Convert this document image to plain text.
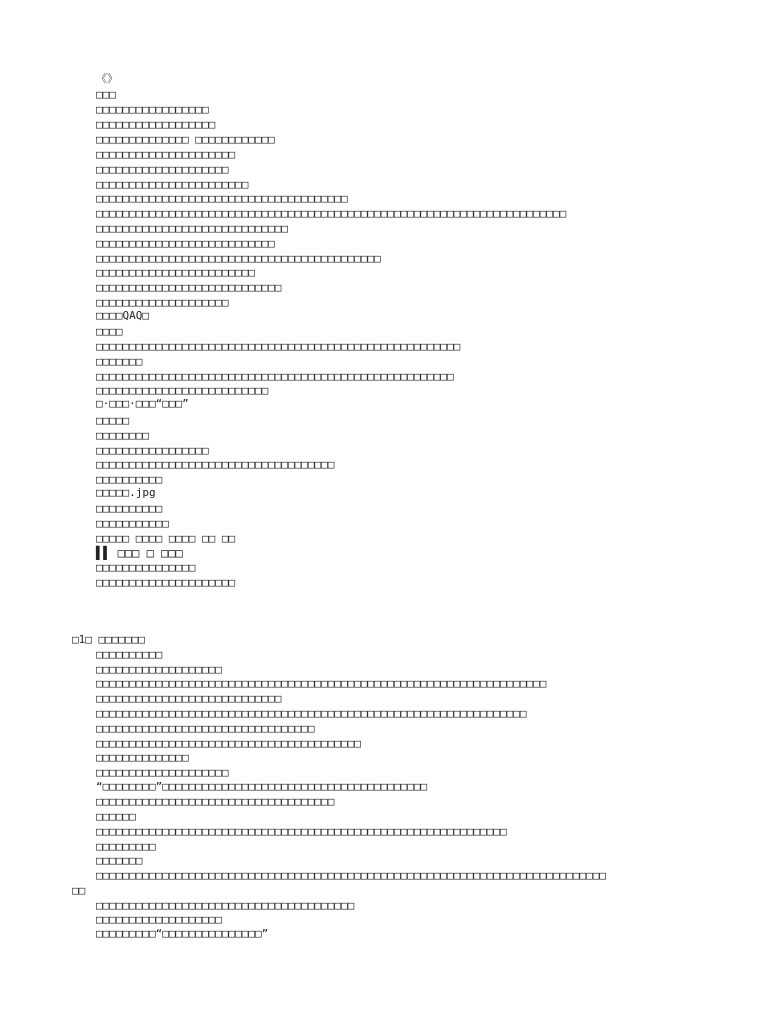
《》
□□□
□□□□□□□□□□□□□□□□□
□□□□□□□□□□□□□□□□□□
□□□□□□□□□□□□□□ □□□□□□□□□□□□
□□□□□□□□□□□□□□□□□□□□□
□□□□□□□□□□□□□□□□□□□□
□□□□□□□□□□□□□□□□□□□□□□□
□□□□□□□□□□□□□□□□□□□□□□□□□□□□□□□□□□□□□□
□□□□□□□□□□□□□□□□□□□□□□□□□□□□□□□□□□□□□□□□□□□□□□□□□□□□□□□□□□□□□□□□□□□□□□□
□□□□□□□□□□□□□□□□□□□□□□□□□□□□□
□□□□□□□□□□□□□□□□□□□□□□□□□□□
□□□□□□□□□□□□□□□□□□□□□□□□□□□□□□□□□□□□□□□□□□□
□□□□□□□□□□□□□□□□□□□□□□□□
□□□□□□□□□□□□□□□□□□□□□□□□□□□□
□□□□□□□□□□□□□□□□□□□□
□□□□QAQ□
□□□□
□□□□□□□□□□□□□□□□□□□□□□□□□□□□□□□□□□□□□□□□□□□□□□□□□□□□□□□
□□□□□□□
□□□□□□□□□□□□□□□□□□□□□□□□□□□□□□□□□□□□□□□□□□□□□□□□□□□□□□
□□□□□□□□□□□□□□□□□□□□□□□□□□
□·□□□·□□□“□□□”
□□□□□
□□□□□□□□
□□□□□□□□□□□□□□□□□
□□□□□□□□□□□□□□□□□□□□□□□□□□□□□□□□□□□□
□□□□□□□□□□
□□□□□.jpg
□□□□□□□□□□
□□□□□□□□□□□
□□□□□ □□□□ □□□□ □□ □□
▌▌ □□□ □ □□□
□□□□□□□□□□□□□□□
□□□□□□□□□□□□□□□□□□□□□
□1□ □□□□□□□
□□□□□□□□□□
□□□□□□□□□□□□□□□□□□□
□□□□□□□□□□□□□□□□□□□□□□□□□□□□□□□□□□□□□□□□□□□□□□□□□□□□□□□□□□□□□□□□□□□□
□□□□□□□□□□□□□□□□□□□□□□□□□□□□
□□□□□□□□□□□□□□□□□□□□□□□□□□□□□□□□□□□□□□□□□□□□□□□□□□□□□□□□□□□□□□□□□
□□□□□□□□□□□□□□□□□□□□□□□□□□□□□□□□□
□□□□□□□□□□□□□□□□□□□□□□□□□□□□□□□□□□□□□□□□
□□□□□□□□□□□□□□
□□□□□□□□□□□□□□□□□□□□
“□□□□□□□□”□□□□□□□□□□□□□□□□□□□□□□□□□□□□□□□□□□□□□□□□
□□□□□□□□□□□□□□□□□□□□□□□□□□□□□□□□□□□□
□□□□□□
□□□□□□□□□□□□□□□□□□□□□□□□□□□□□□□□□□□□□□□□□□□□□□□□□□□□□□□□□□□□□□
□□□□□□□□□
□□□□□□□
□□□□□□□□□□□□□□□□□□□□□□□□□□□□□□□□□□□□□□□□□□□□□□□□□□□□□□□□□□□□□□□□□□□□□□□□□□□□□
□□
□□□□□□□□□□□□□□□□□□□□□□□□□□□□□□□□□□□□□□□
□□□□□□□□□□□□□□□□□□□
□□□□□□□□□“□□□□□□□□□□□□□□□”
